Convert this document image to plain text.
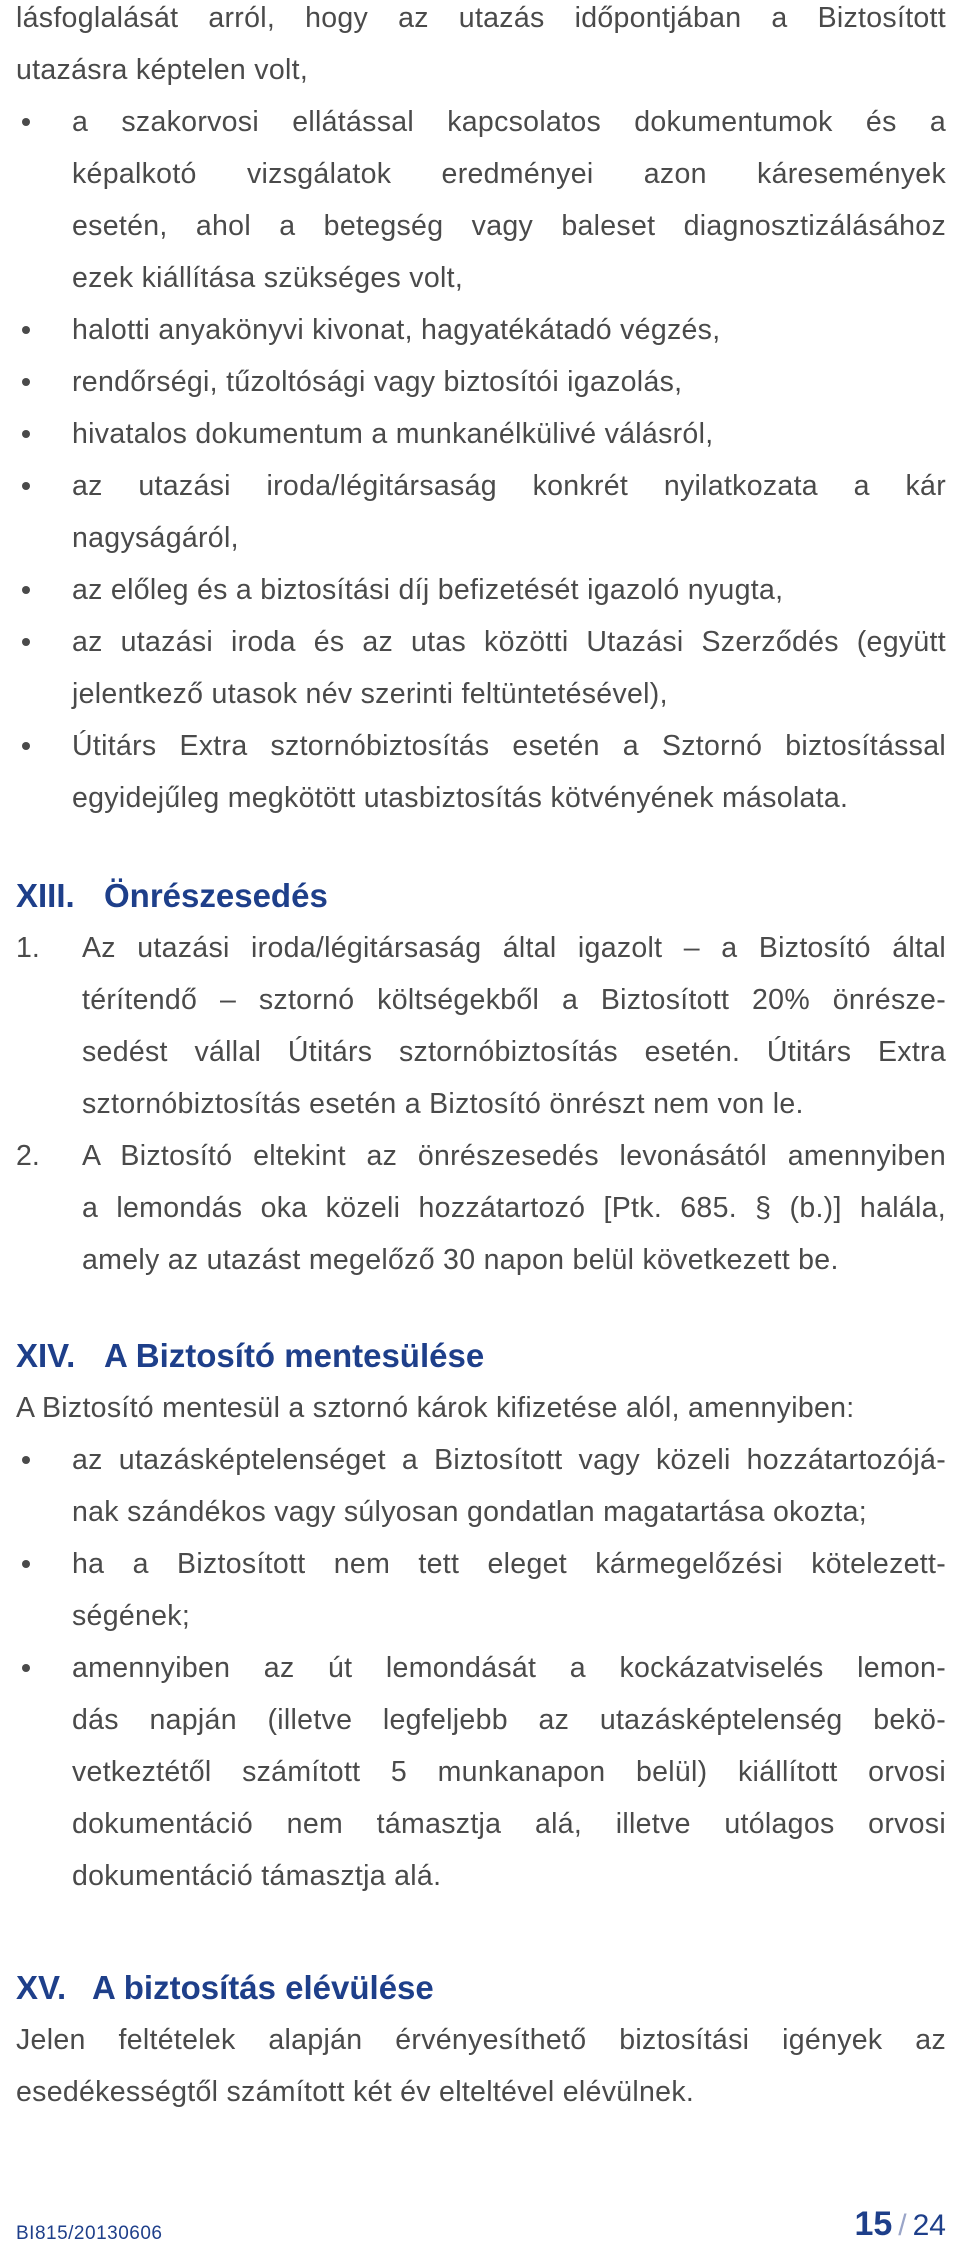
lásfoglalását arról, hogy az utazás időpontjában a Biztosított

utazásra képtelen volt,

a szakorvosi ellátással kapcsolatos dokumentumok és a

képalkotó vizsgálatok eredményei azon káresemények

esetén, ahol a betegség vagy baleset diagnosztizálásához

ezek kiállítása szükséges volt,

halotti anyakönyvi kivonat, hagyatékátadó végzés,

rendőrségi, tűzoltósági vagy biztosítói igazolás,

hivatalos dokumentum a munkanélkülivé válásról,

az utazási iroda/légitársaság konkrét nyilatkozata a kár

nagyságáról,

az előleg és a biztosítási díj befizetését igazoló nyugta,

az utazási iroda és az utas közötti Utazási Szerződés (együtt

jelentkező utasok név szerinti feltüntetésével),

Útitárs Extra sztornóbiztosítás esetén a Sztornó biztosítással

egyidejűleg megkötött utasbiztosítás kötvényének másolata.

XIII. Önrészesedés
1. Az utazási iroda/légitársaság által igazolt – a Biztosító által

térítendő – sztornó költségekből a Biztosított 20% önrésze-

sedést vállal Útitárs sztornóbiztosítás esetén. Útitárs Extra

sztornóbiztosítás esetén a Biztosító önrészt nem von le.

2. A Biztosító eltekint az önrészesedés levonásától amennyiben

a lemondás oka közeli hozzátartozó [Ptk. 685. § (b.)] halála,

amely az utazást megelőző 30 napon belül következett be.

XIV. A Biztosító mentesülése

A Biztosító mentesül a sztornó károk kifizetése alól, amennyiben:

az utazásképtelenséget a Biztosított vagy közeli hozzátartozójá-

nak szándékos vagy súlyosan gondatlan magatartása okozta;

ha a Biztosított nem tett eleget kármegelőzési kötelezett-

ségének;

amennyiben az út lemondását a kockázatviselés lemon-

dás napján (illetve legfeljebb az utazásképtelenség bekö-

vetkeztétől számított 5 munkanapon belül) kiállított orvosi

dokumentáció nem támasztja alá, illetve utólagos orvosi

dokumentáció támasztja alá.

XV. A biztosítás elévülése

Jelen feltételek alapján érvényesíthető biztosítási igények az

esedékességtől számított két év elteltével elévülnek.

BI815/20130606	15 / 24
